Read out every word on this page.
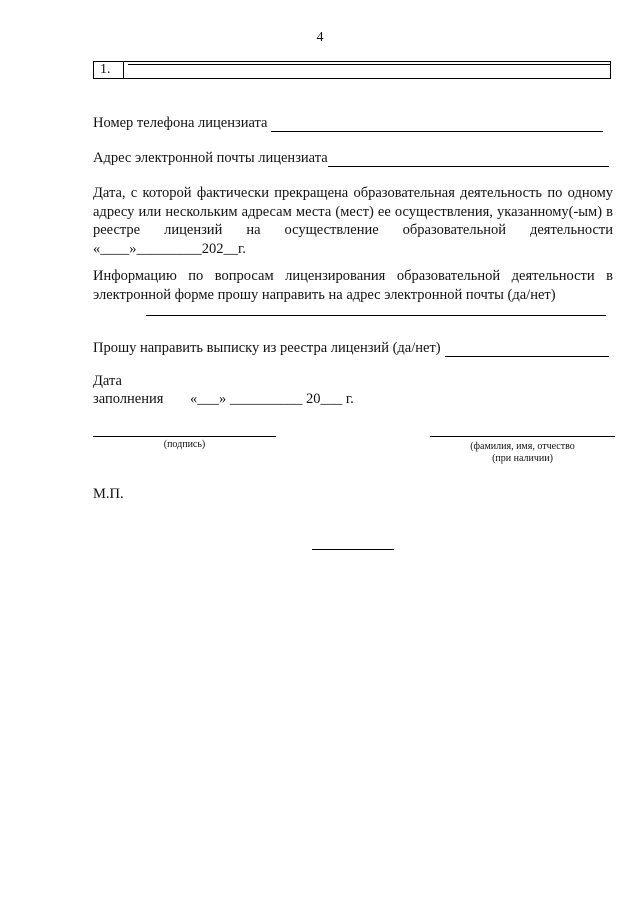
4
1.
Номер телефона лицензиата
Адрес электронной почты лицензиата
Дата, с которой фактически прекращена образовательная деятельность по одному адресу или нескольким адресам места (мест) ее осуществления, указанному(-ым) в реестре лицензий на осуществление образовательной деятельности «____»_________202__г.
Информацию по вопросам лицензирования образовательной деятельности в электронной форме прошу направить на адрес электронной почты (да/нет)
Прошу направить выписку из реестра лицензий (да/нет)
Дата
заполнения «___» __________ 20___ г.
(подпись)	(фамилия, имя, отчество
(при наличии)
М.П.
